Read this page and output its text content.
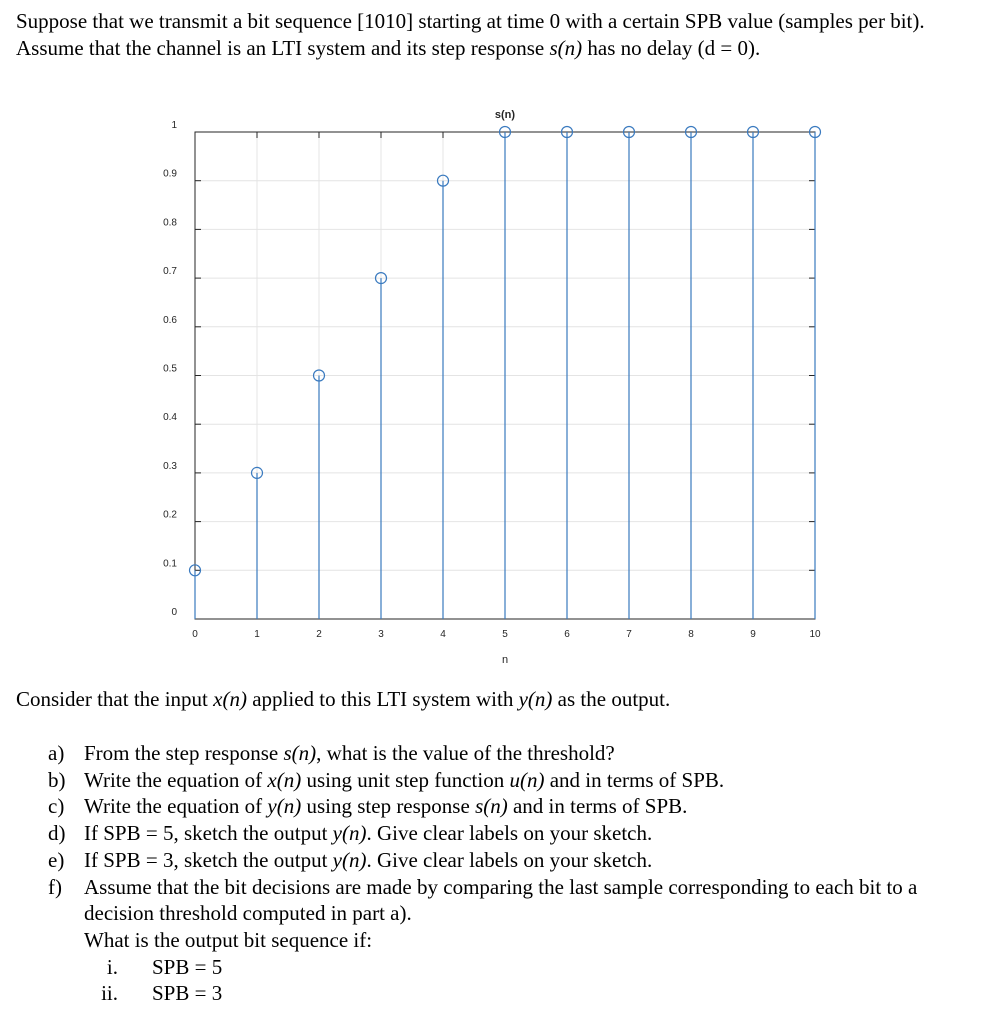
Suppose that we transmit a bit sequence [1010] starting at time 0 with a certain SPB value (samples per bit).

Assume that the channel is an LTI system and its step response s(n) has no delay (d = 0).

0	1	2	3	4	5	6	7	8	9	10
0
0.1
0.2
0.3
0.4
0.5
0.6
0.7
0.8
0.9
1
s(n)
n

Consider that the input x(n) applied to this LTI system with y(n) as the output.

a) From the step response s(n), what is the value of the threshold?
b) Write the equation of x(n) using unit step function u(n) and in terms of SPB.
c) Write the equation of y(n) using step response s(n) and in terms of SPB.
d) If SPB = 5, sketch the output y(n). Give clear labels on your sketch.
e) If SPB = 3, sketch the output y(n). Give clear labels on your sketch.
f)	Assume that the bit decisions are made by comparing the last sample corresponding to each bit to a decision threshold computed in part a).
What is the output bit sequence if:
i. SPB = 5
ii. SPB = 3
